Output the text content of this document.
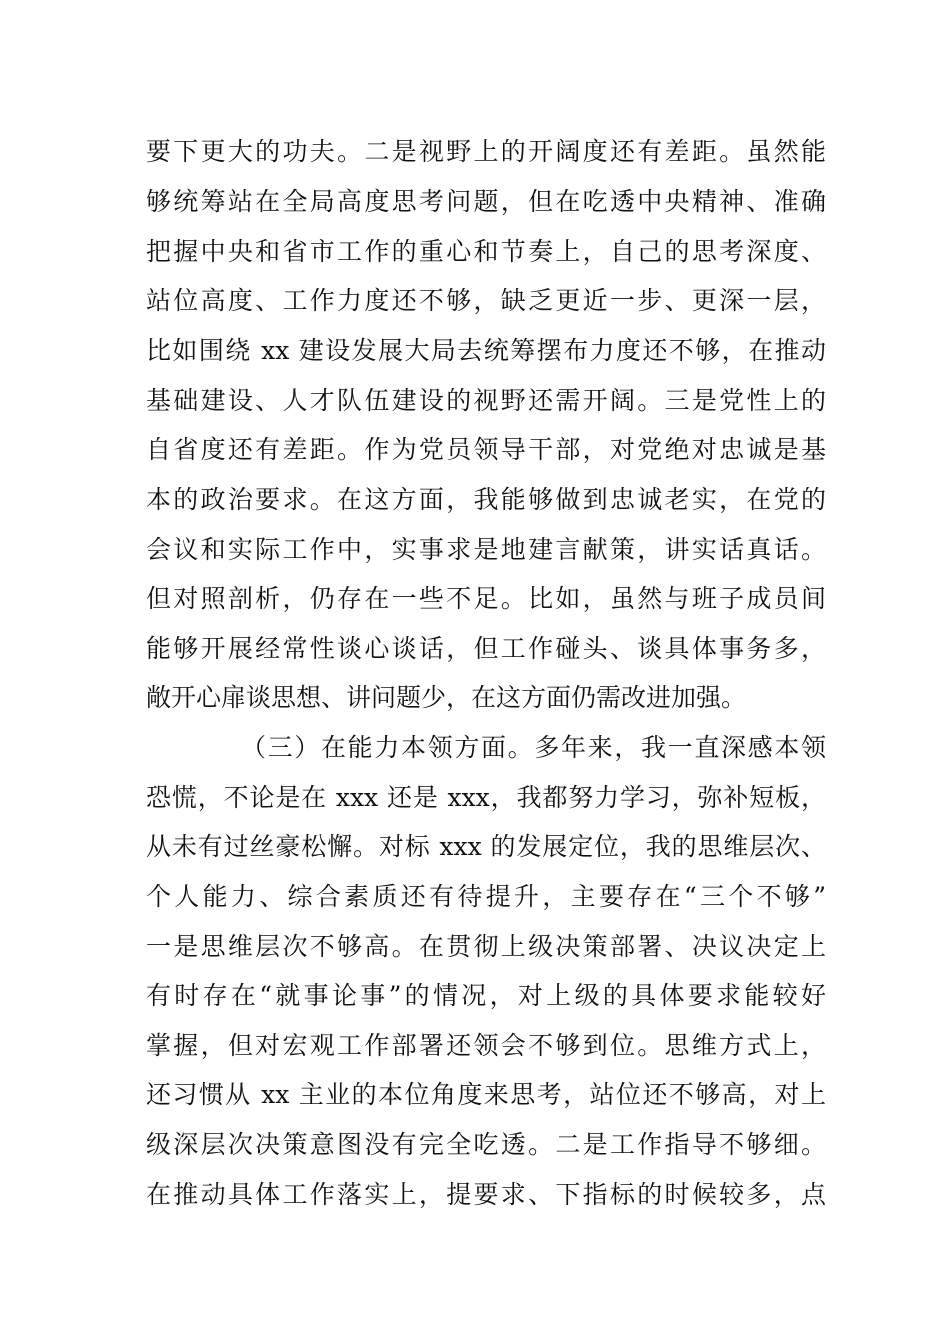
要下更大的功夫。二是视野上的开阔度还有差距。虽然能
够统筹站在全局高度思考问题，但在吃透中央精神、准确
把握中央和省市工作的重心和节奏上，自己的思考深度、
站位高度、工作力度还不够，缺乏更近一步、更深一层，
比如围绕 xx 建设发展大局去统筹摆布力度还不够，在推动
基础建设、人才队伍建设的视野还需开阔。三是党性上的
自省度还有差距。作为党员领导干部，对党绝对忠诚是基
本的政治要求。在这方面，我能够做到忠诚老实，在党的
会议和实际工作中，实事求是地建言献策，讲实话真话。
但对照剖析，仍存在一些不足。比如，虽然与班子成员间
能够开展经常性谈心谈话，但工作碰头、谈具体事务多，
敞开心扉谈思想、讲问题少，在这方面仍需改进加强。
（三）在能力本领方面。多年来，我一直深感本领
恐慌，不论是在 xxx 还是 xxx，我都努力学习，弥补短板，
从未有过丝豪松懈。对标 xxx 的发展定位，我的思维层次、
个人能力、综合素质还有待提升，主要存在“三个不够”
一是思维层次不够高。在贯彻上级决策部署、决议决定上
有时存在“就事论事”的情况，对上级的具体要求能较好
掌握，但对宏观工作部署还领会不够到位。思维方式上，
还习惯从 xx 主业的本位角度来思考，站位还不够高，对上
级深层次决策意图没有完全吃透。二是工作指导不够细。
在推动具体工作落实上，提要求、下指标的时候较多，点
